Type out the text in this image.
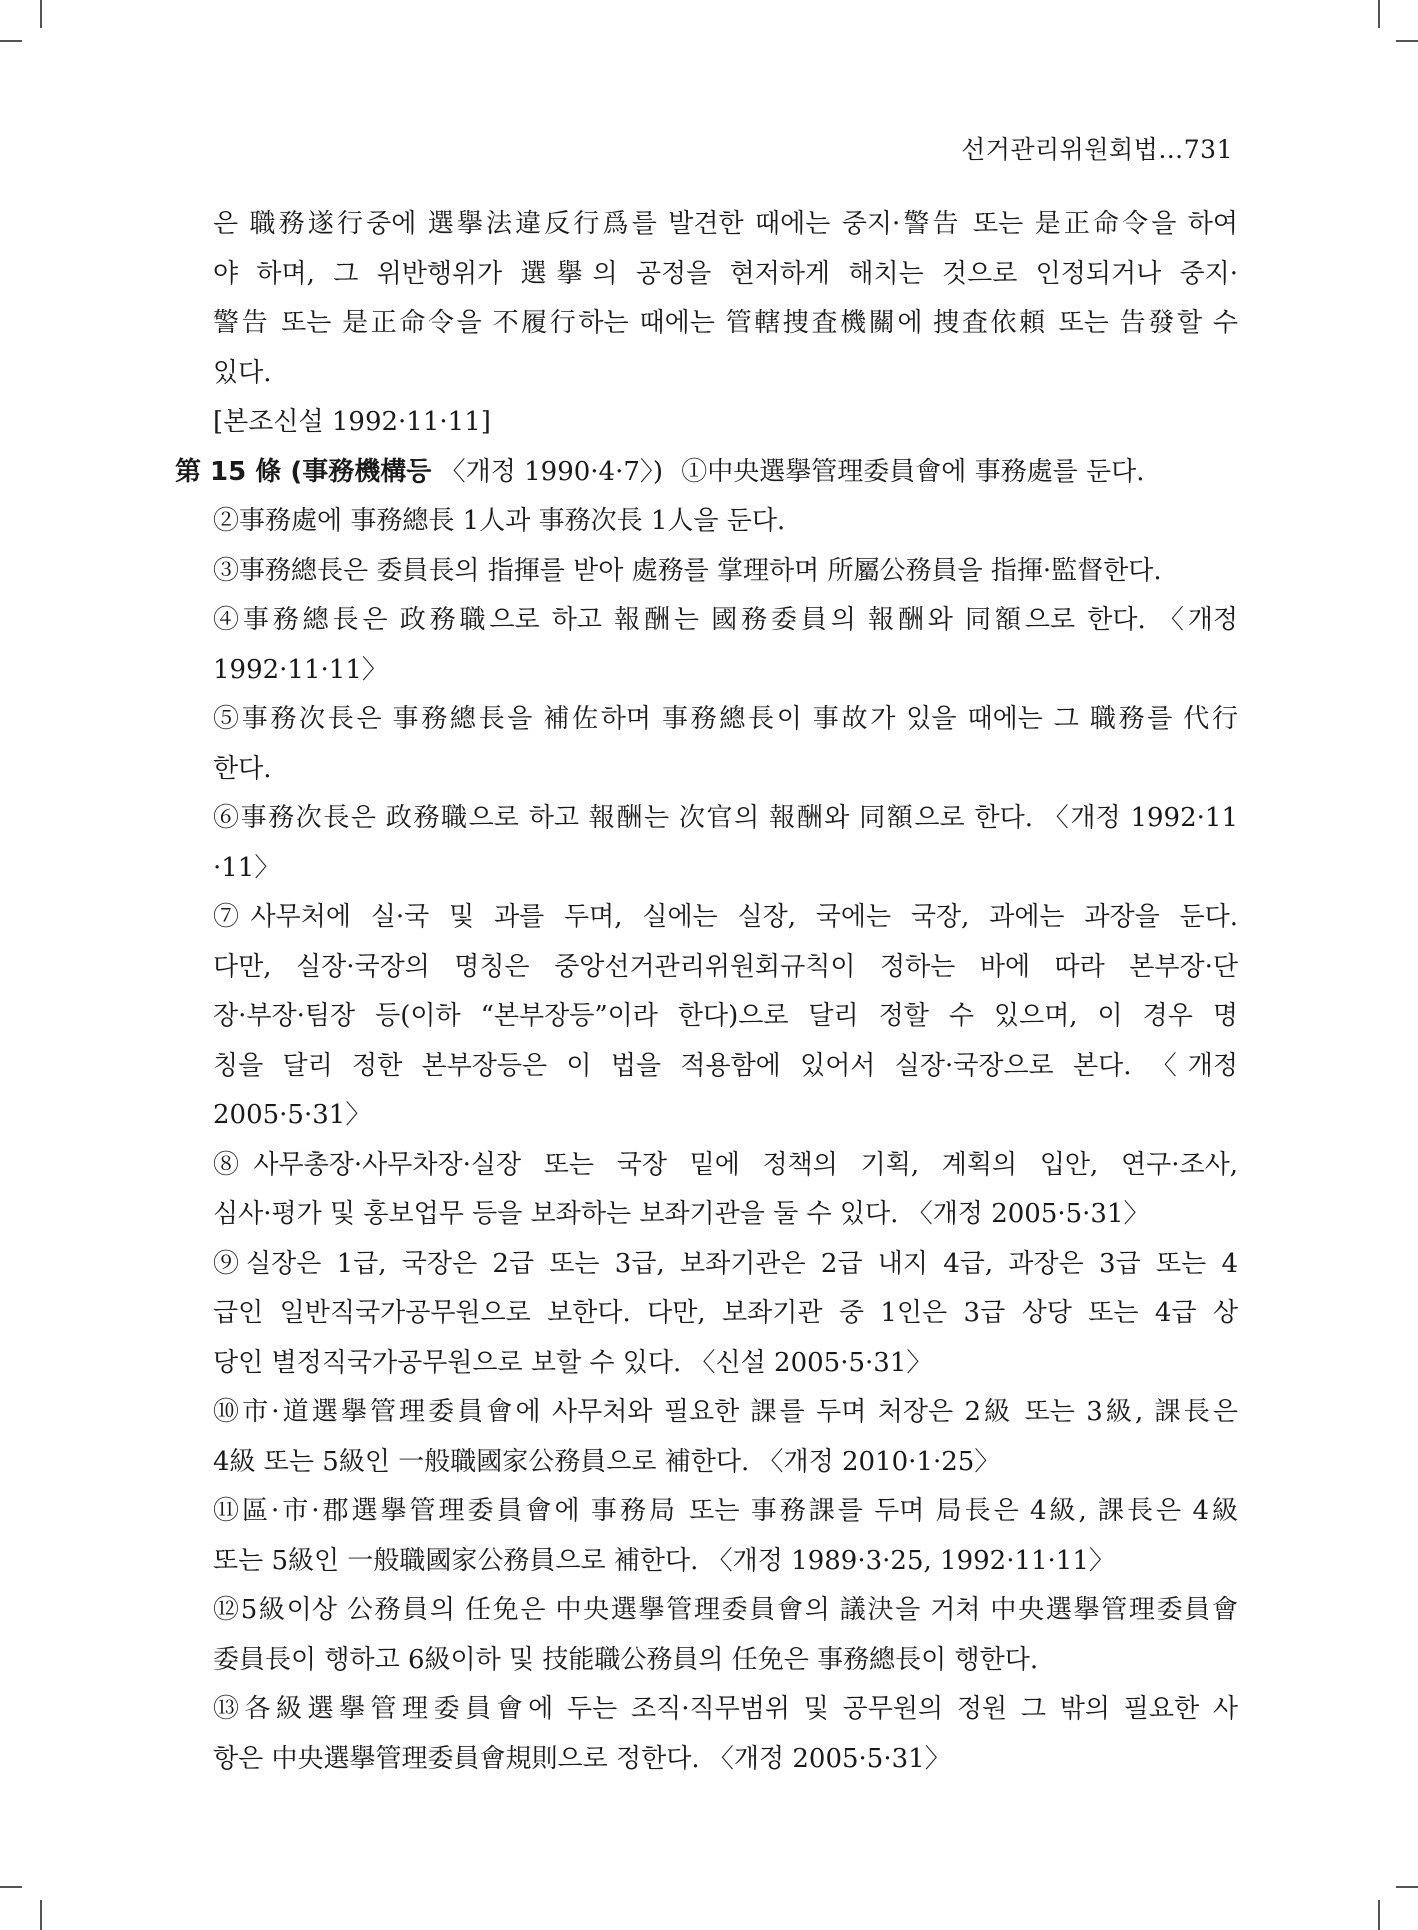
선거관리위원회법…731
은 職務遂行중에 選擧法違反行爲를 발견한 때에는 중지·警告 또는 是正命令을 하여
야 하며, 그 위반행위가 選擧의 공정을 현저하게 해치는 것으로 인정되거나 중지·
警告 또는 是正命令을 不履行하는 때에는 管轄捜査機關에 捜査依頼 또는 告發할 수
있다.
[본조신설 1992·11·11]
第 15 條 (事務機構등 〈개정 1990·4·7〉) ①中央選擧管理委員會에 事務處를 둔다.
②事務處에 事務總長 1人과 事務次長 1人을 둔다.
③事務總長은 委員長의 指揮를 받아 處務를 掌理하며 所屬公務員을 指揮·監督한다.
④事務總長은 政務職으로 하고 報酬는 國務委員의 報酬와 同額으로 한다. 〈개정
1992·11·11〉
⑤事務次長은 事務總長을 補佐하며 事務總長이 事故가 있을 때에는 그 職務를 代行
한다.
⑥事務次長은 政務職으로 하고 報酬는 次官의 報酬와 同額으로 한다. 〈개정 1992·11
·11〉
⑦사무처에 실·국 및 과를 두며, 실에는 실장, 국에는 국장, 과에는 과장을 둔다.
다만, 실장·국장의 명칭은 중앙선거관리위원회규칙이 정하는 바에 따라 본부장·단
장·부장·팀장 등(이하 “본부장등”이라 한다)으로 달리 정할 수 있으며, 이 경우 명
칭을 달리 정한 본부장등은 이 법을 적용함에 있어서 실장·국장으로 본다. 〈개정
2005·5·31〉
⑧사무총장·사무차장·실장 또는 국장 밑에 정책의 기획, 계획의 입안, 연구·조사,
심사·평가 및 홍보업무 등을 보좌하는 보좌기관을 둘 수 있다. 〈개정 2005·5·31〉
⑨실장은 1급, 국장은 2급 또는 3급, 보좌기관은 2급 내지 4급, 과장은 3급 또는 4
급인 일반직국가공무원으로 보한다. 다만, 보좌기관 중 1인은 3급 상당 또는 4급 상
당인 별정직국가공무원으로 보할 수 있다. 〈신설 2005·5·31〉
⑩市·道選擧管理委員會에 사무처와 필요한 課를 두며 처장은 2級 또는 3級, 課長은
4級 또는 5級인 一般職國家公務員으로 補한다. 〈개정 2010·1·25〉
⑪區·市·郡選擧管理委員會에 事務局 또는 事務課를 두며 局長은 4級, 課長은 4級
또는 5級인 一般職國家公務員으로 補한다. 〈개정 1989·3·25, 1992·11·11〉
⑫5級이상 公務員의 任免은 中央選擧管理委員會의 議決을 거쳐 中央選擧管理委員會
委員長이 행하고 6級이하 및 技能職公務員의 任免은 事務總長이 행한다.
⑬各級選擧管理委員會에 두는 조직·직무범위 및 공무원의 정원 그 밖의 필요한 사
항은 中央選擧管理委員會規則으로 정한다. 〈개정 2005·5·31〉
